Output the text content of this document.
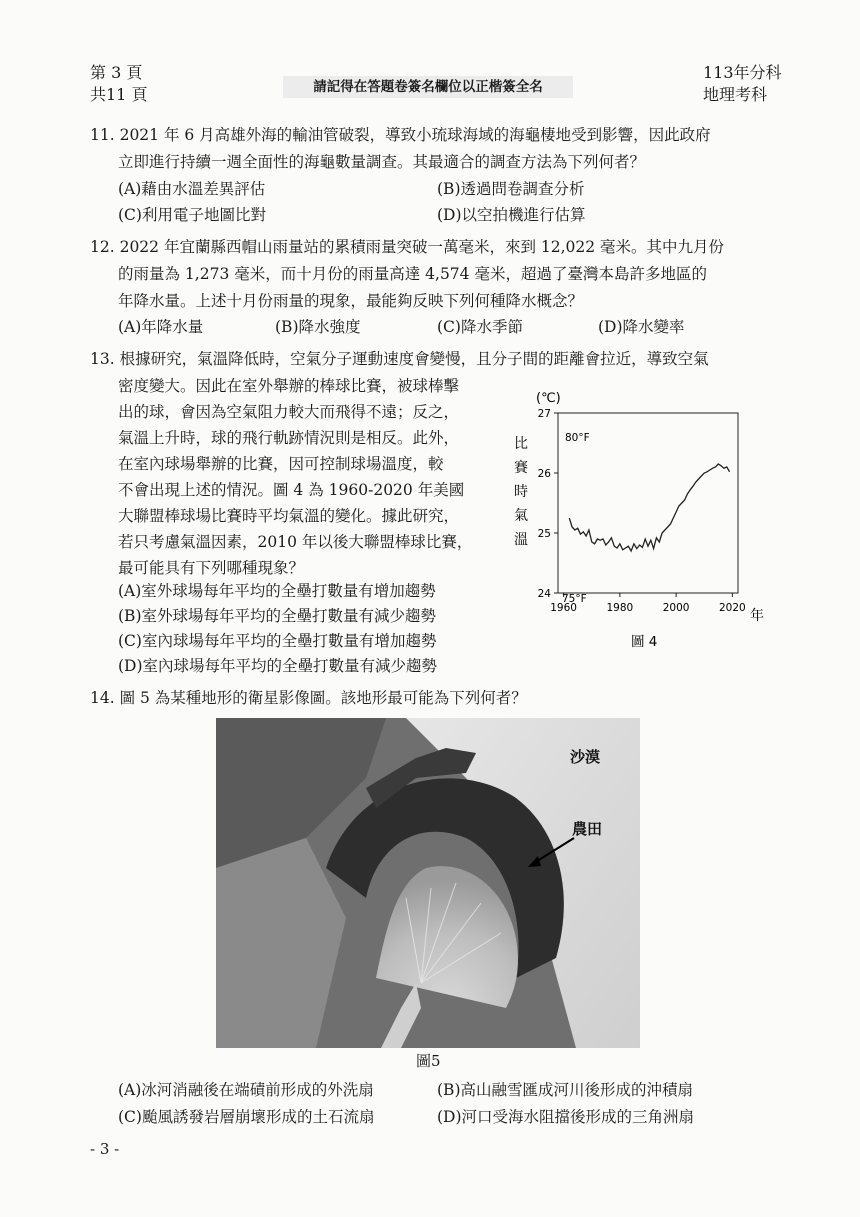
第 3 頁
共11 頁	請記得在答題卷簽名欄位以正楷簽全名
113年分科
地理考科
11. 2021 年 6 月高雄外海的輸油管破裂，導致小琉球海域的海龜棲地受到影響，因此政府
立即進行持續一週全面性的海龜數量調查。其最適合的調查方法為下列何者？
(A)藉由水溫差異評估	(B)透過問卷調查分析
(C)利用電子地圖比對	(D)以空拍機進行估算
12. 2022 年宜蘭縣西帽山雨量站的累積雨量突破一萬毫米，來到 12,022 毫米。其中九月份
的雨量為 1,273 毫米，而十月份的雨量高達 4,574 毫米，超過了臺灣本島許多地區的
年降水量。上述十月份雨量的現象，最能夠反映下列何種降水概念？
(A)年降水量	(B)降水強度	(C)降水季節	(D)降水變率
13. 根據研究，氣溫降低時，空氣分子運動速度會變慢，且分子間的距離會拉近，導致空氣
密度變大。因此在室外舉辦的棒球比賽，被球棒擊
出的球，會因為空氣阻力較大而飛得不遠；反之，
氣溫上升時，球的飛行軌跡情況則是相反。此外，
在室內球場舉辦的比賽，因可控制球場溫度，較
不會出現上述的情況。圖 4 為 1960-2020 年美國
大聯盟棒球場比賽時平均氣溫的變化。據此研究，
若只考慮氣溫因素，2010 年以後大聯盟棒球比賽，
最可能具有下列哪種現象？
(A)室外球場每年平均的全壘打數量有增加趨勢
(B)室外球場每年平均的全壘打數量有減少趨勢
(C)室內球場每年平均的全壘打數量有增加趨勢
(D)室內球場每年平均的全壘打數量有減少趨勢
(℃)
比賽時氣溫
24
25
26
27
1960	1980	2000	2020
80°F
75°F
年
圖 4
14. 圖 5 為某種地形的衛星影像圖。該地形最可能為下列何者？
沙漠
農田
圖5
(A)冰河消融後在端磧前形成的外洗扇	(B)高山融雪匯成河川後形成的沖積扇
(C)颱風誘發岩層崩壞形成的土石流扇	(D)河口受海水阻擋後形成的三角洲扇
- 3 -
